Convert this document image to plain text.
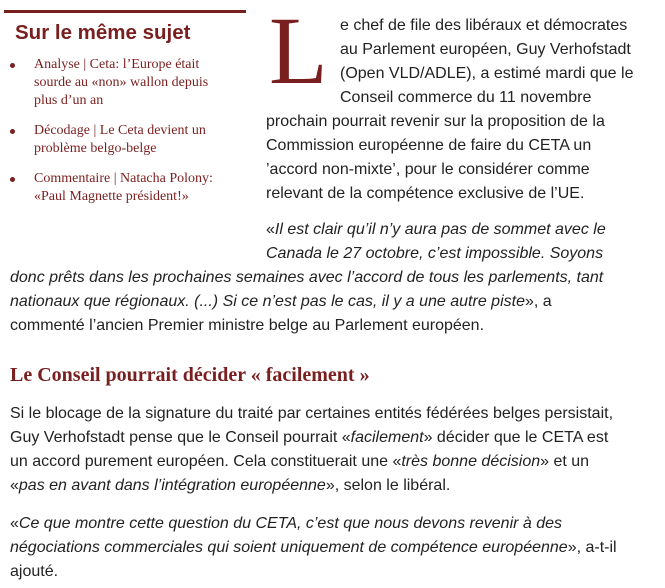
Sur le même sujet
Analyse | Ceta: l’Europe était sourde au «non» wallon depuis plus d’un an
Décodage | Le Ceta devient un problème belgo-belge
Commentaire | Natacha Polony: «Paul Magnette président!»
L e chef de file des libéraux et démocrates
au Parlement européen, Guy Verhofstadt
(Open VLD/ADLE), a estimé mardi que le
Conseil commerce du 11 novembre
prochain pourrait revenir sur la proposition de la
Commission européenne de faire du CETA un
’accord non-mixte’, pour le considérer comme
relevant de la compétence exclusive de l’UE.
«Il est clair qu’il n’y aura pas de sommet avec le
Canada le 27 octobre, c’est impossible. Soyons
donc prêts dans les prochaines semaines avec l’accord de tous les parlements, tant
nationaux que régionaux. (...) Si ce n’est pas le cas, il y a une autre piste», a
commenté l’ancien Premier ministre belge au Parlement européen.
Le Conseil pourrait décider « facilement »
Si le blocage de la signature du traité par certaines entités fédérées belges persistait,
Guy Verhofstadt pense que le Conseil pourrait «facilement» décider que le CETA est
un accord purement européen. Cela constituerait une «très bonne décision» et un
«pas en avant dans l’intégration européenne», selon le libéral.
«Ce que montre cette question du CETA, c’est que nous devons revenir à des
négociations commerciales qui soient uniquement de compétence européenne», a-t-il
ajouté.
